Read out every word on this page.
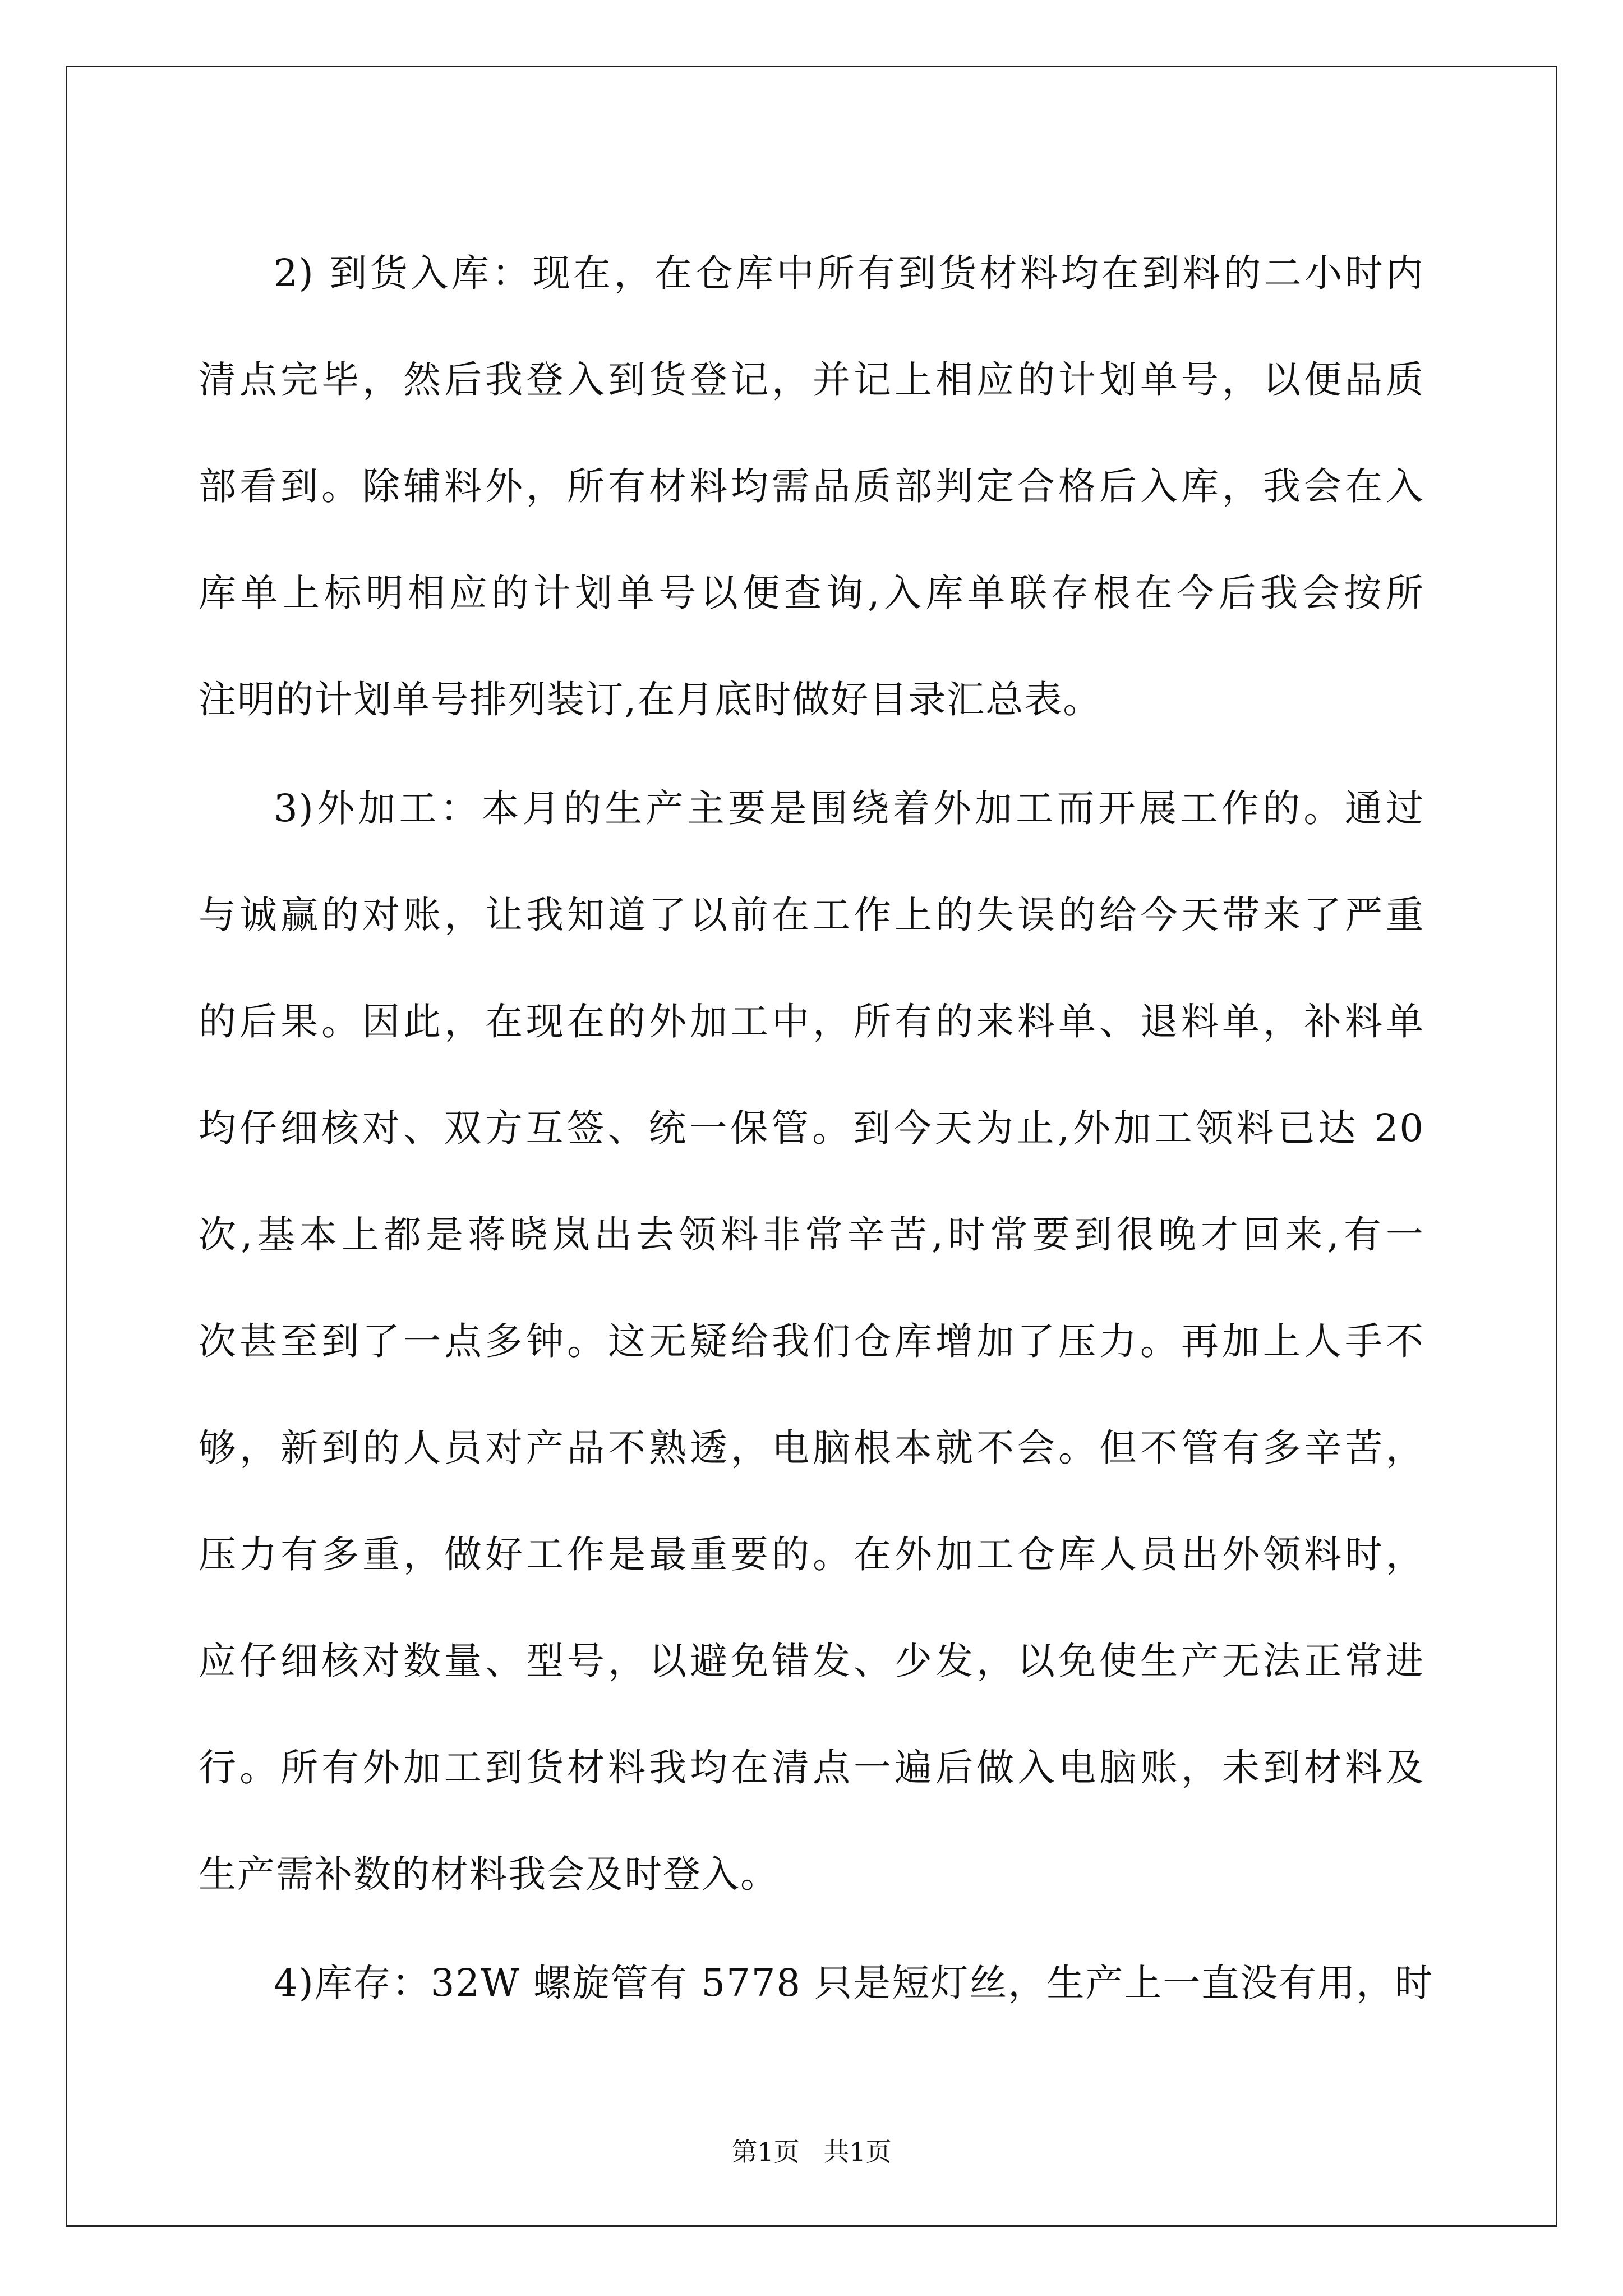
2) 到货入库：现在，在仓库中所有到货材料均在到料的二小时内
清点完毕，然后我登入到货登记，并记上相应的计划单号，以便品质
部看到。除辅料外，所有材料均需品质部判定合格后入库，我会在入
库单上标明相应的计划单号以便查询,入库单联存根在今后我会按所
注明的计划单号排列装订,在月底时做好目录汇总表。
3)外加工：本月的生产主要是围绕着外加工而开展工作的。通过
与诚赢的对账，让我知道了以前在工作上的失误的给今天带来了严重
的后果。因此，在现在的外加工中，所有的来料单、退料单，补料单
均仔细核对、双方互签、统一保管。到今天为止,外加工领料已达 20
次,基本上都是蒋晓岚出去领料非常辛苦,时常要到很晚才回来,有一
次甚至到了一点多钟。这无疑给我们仓库增加了压力。再加上人手不
够，新到的人员对产品不熟透，电脑根本就不会。但不管有多辛苦，
压力有多重，做好工作是最重要的。在外加工仓库人员出外领料时，
应仔细核对数量、型号，以避免错发、少发，以免使生产无法正常进
行。所有外加工到货材料我均在清点一遍后做入电脑账，未到材料及
生产需补数的材料我会及时登入。
4)库存：32W 螺旋管有 5778 只是短灯丝，生产上一直没有用，时
第1页 共1页
